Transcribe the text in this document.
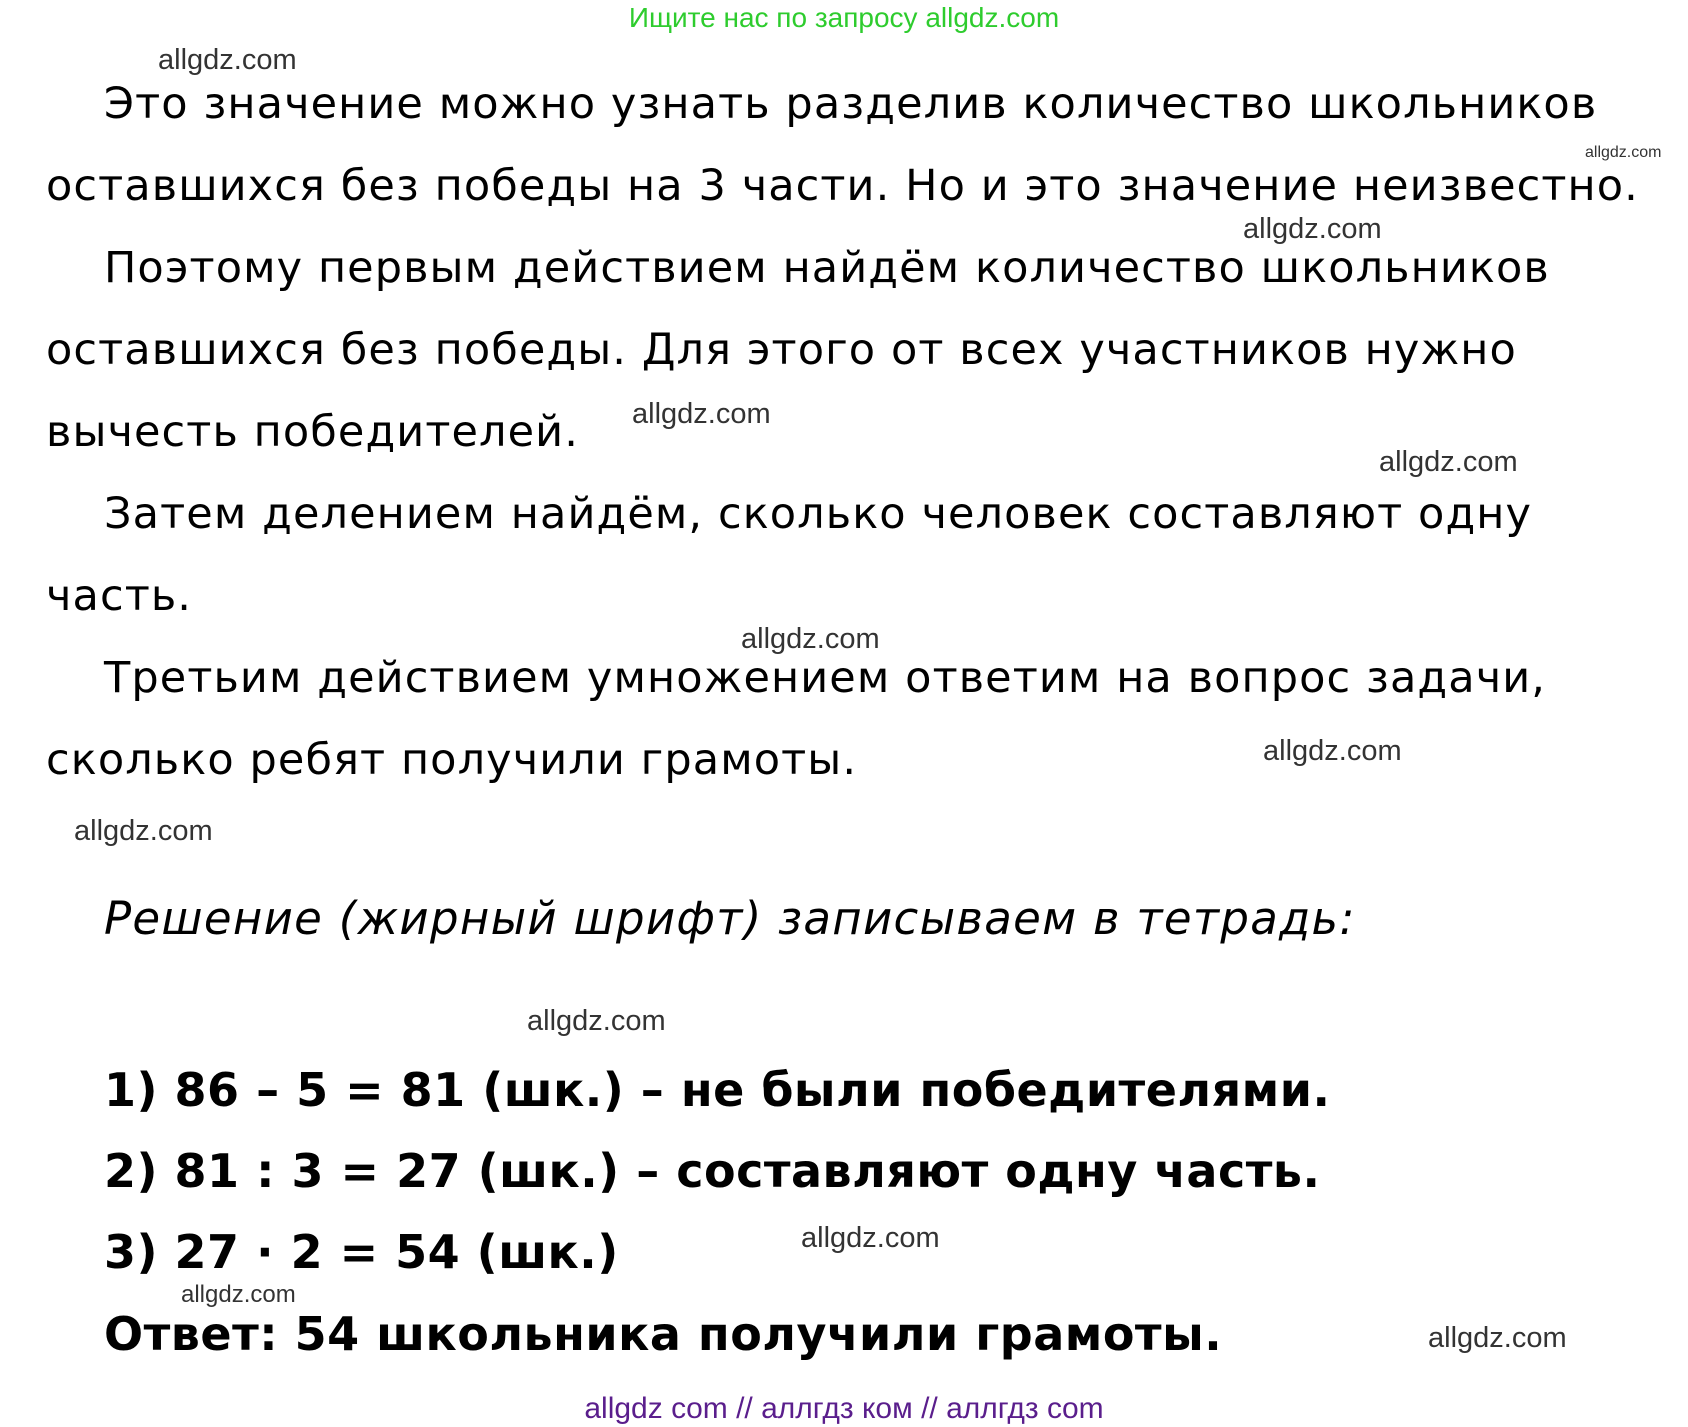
Ищите нас по запросу allgdz.com
Это значение можно узнать разделив количество школьников
оставшихся без победы на 3 части. Но и это значение неизвестно.
Поэтому первым действием найдём количество школьников
оставшихся без победы. Для этого от всех участников нужно
вычесть победителей.
Затем делением найдём, сколько человек составляют одну
часть.
Третьим действием умножением ответим на вопрос задачи,
сколько ребят получили грамоты.
Решение (жирный шрифт) записываем в тетрадь:
1) 86 – 5 = 81 (шк.) – не были победителями.
2) 81 : 3 = 27 (шк.) – составляют одну часть.
3) 27 · 2 = 54 (шк.)
Ответ: 54 школьника получили грамоты.
allgdz.com
allgdz.com
allgdz.com
allgdz.com
allgdz.com
allgdz.com
allgdz.com
allgdz.com
allgdz.com
allgdz.com
allgdz.com
allgdz.com
allgdz com // аллгдз ком // аллгдз com
